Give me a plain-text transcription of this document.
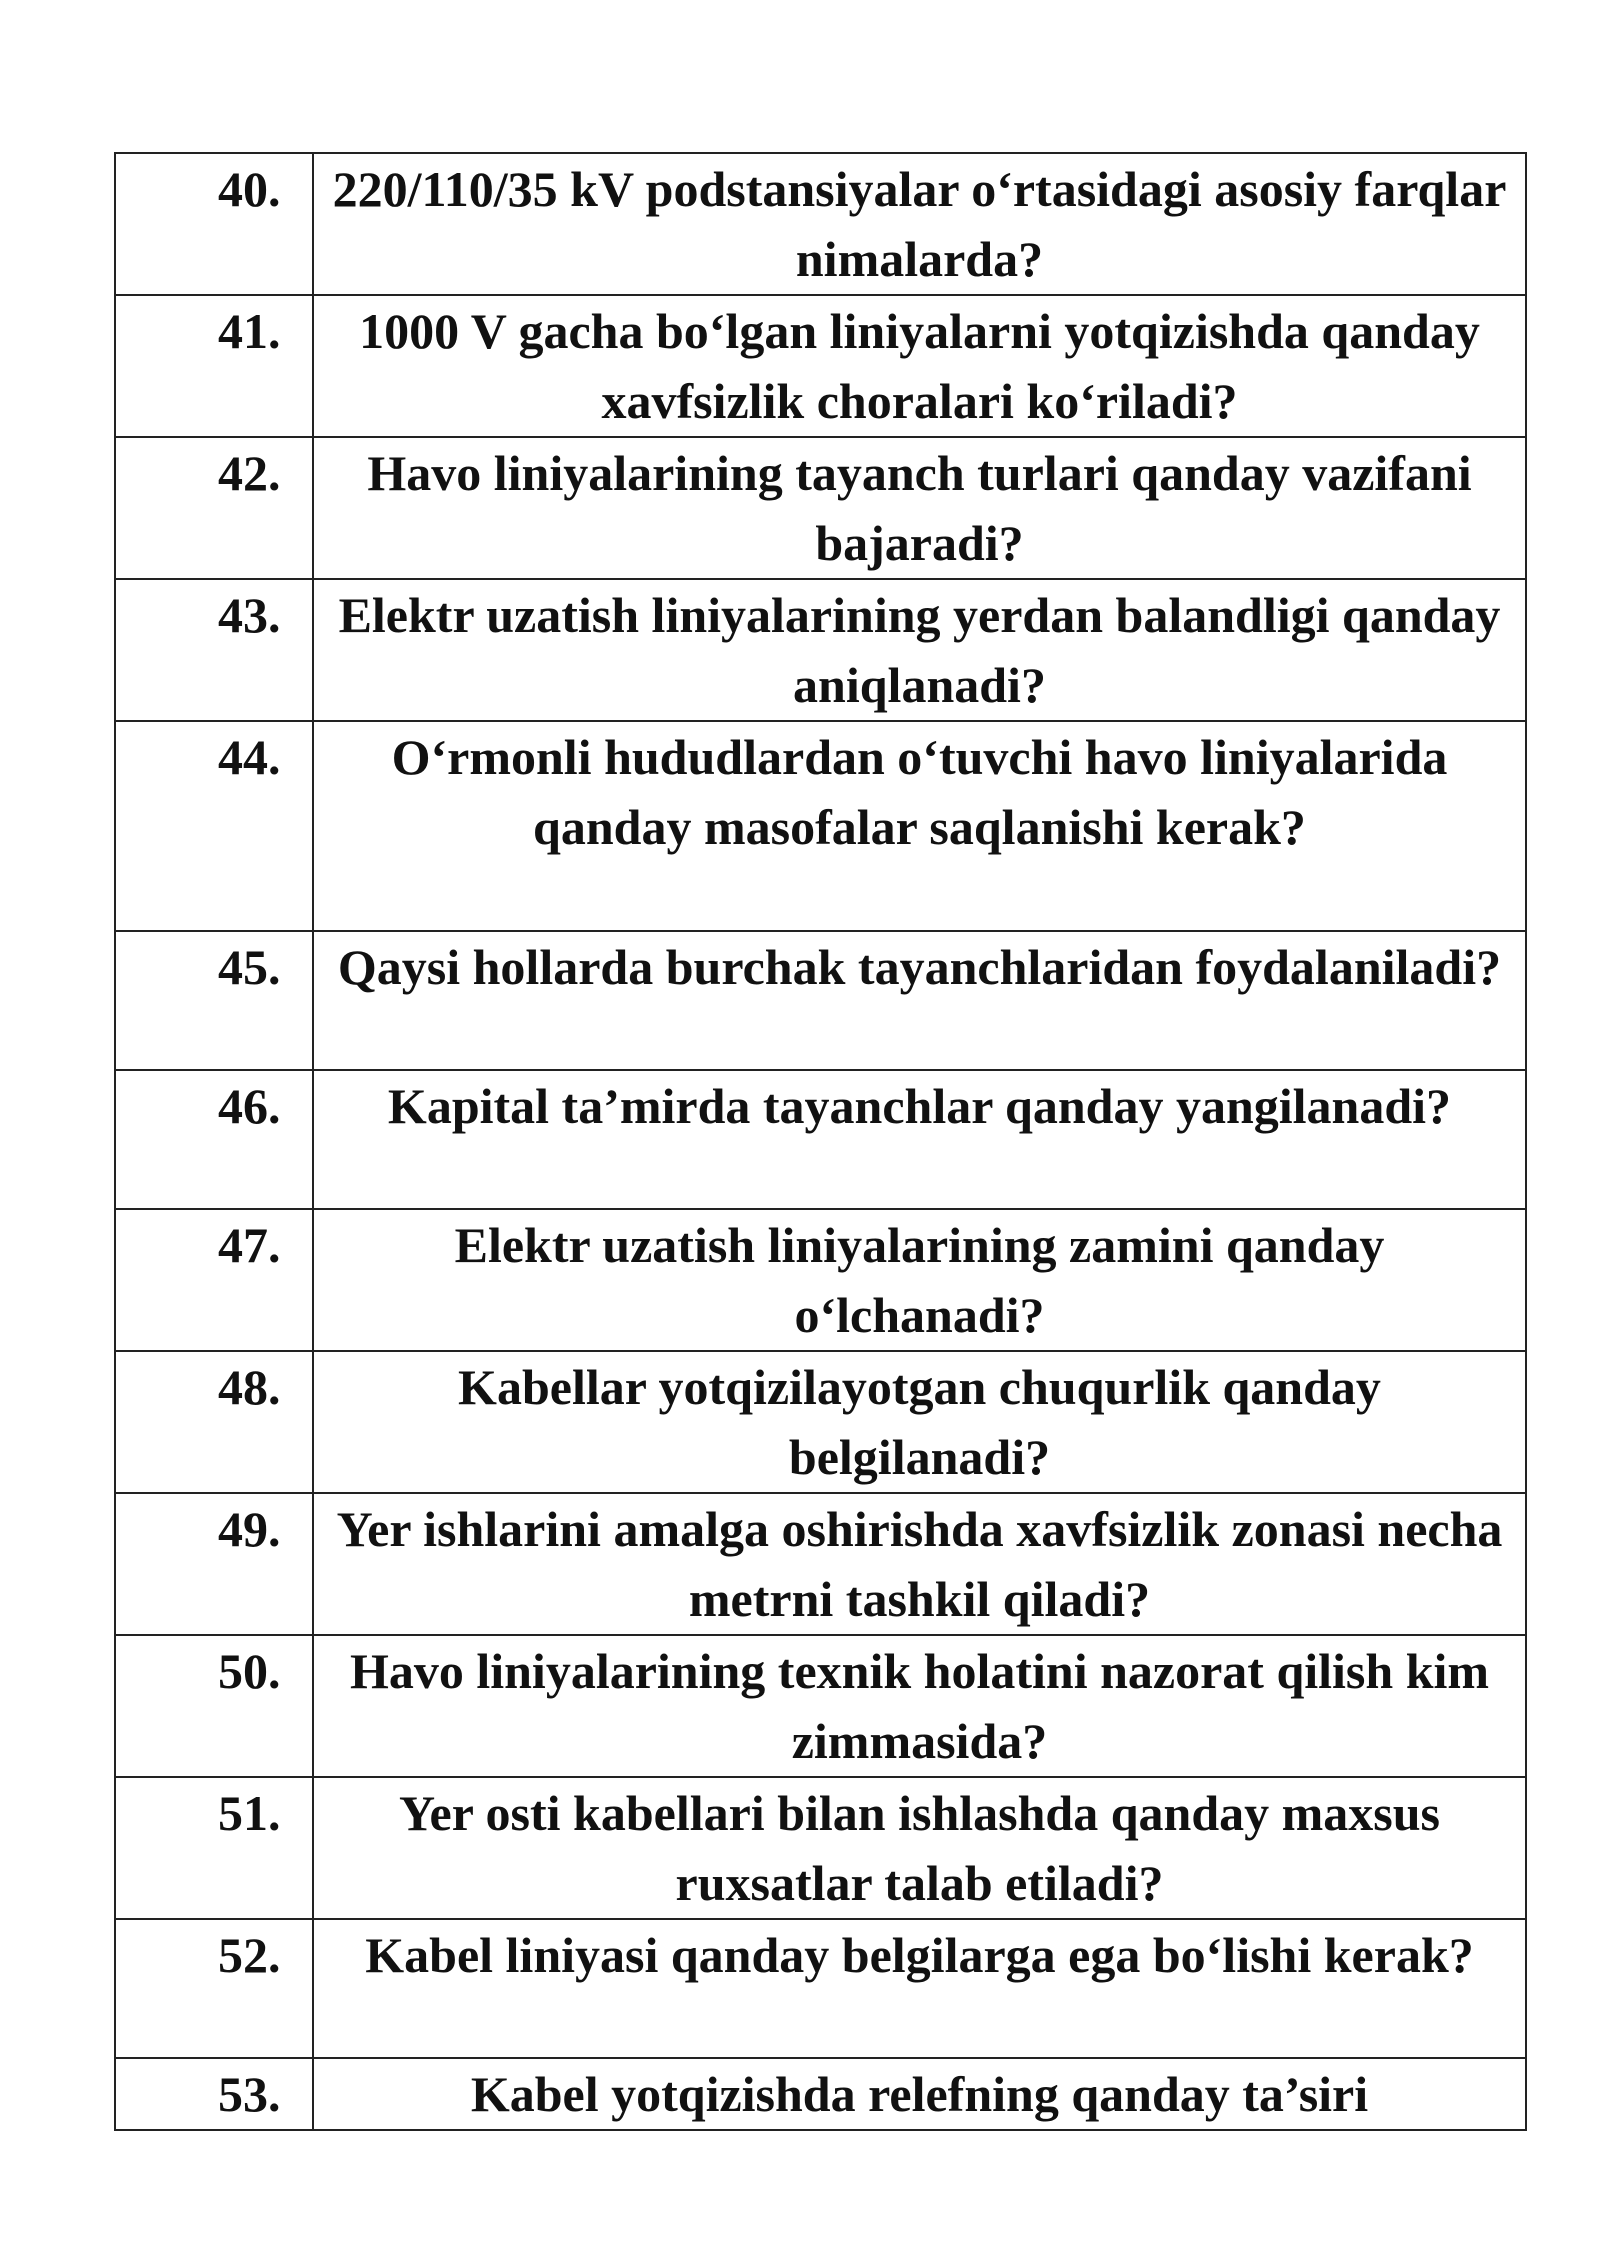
40.	220/110/35 kV podstansiyalar o‘rtasidagi asosiy farqlar nimalarda?
41.	1000 V gacha bo‘lgan liniyalarni yotqizishda qanday xavfsizlik choralari ko‘riladi?
42.	Havo liniyalarining tayanch turlari qanday vazifani bajaradi?
43.	Elektr uzatish liniyalarining yerdan balandligi qanday aniqlanadi?
44.	O‘rmonli hududlardan o‘tuvchi havo liniyalarida qanday masofalar saqlanishi kerak?
45.	Qaysi hollarda burchak tayanchlaridan foydalaniladi?
46.	Kapital ta’mirda tayanchlar qanday yangilanadi?
47.	Elektr uzatish liniyalarining zamini qanday o‘lchanadi?
48.	Kabellar yotqizilayotgan chuqurlik qanday belgilanadi?
49.	Yer ishlarini amalga oshirishda xavfsizlik zonasi necha metrni tashkil qiladi?
50.	Havo liniyalarining texnik holatini nazorat qilish kim zimmasida?
51.	Yer osti kabellari bilan ishlashda qanday maxsus ruxsatlar talab etiladi?
52.	Kabel liniyasi qanday belgilarga ega bo‘lishi kerak?
53.	Kabel yotqizishda relefning qanday ta’siri
